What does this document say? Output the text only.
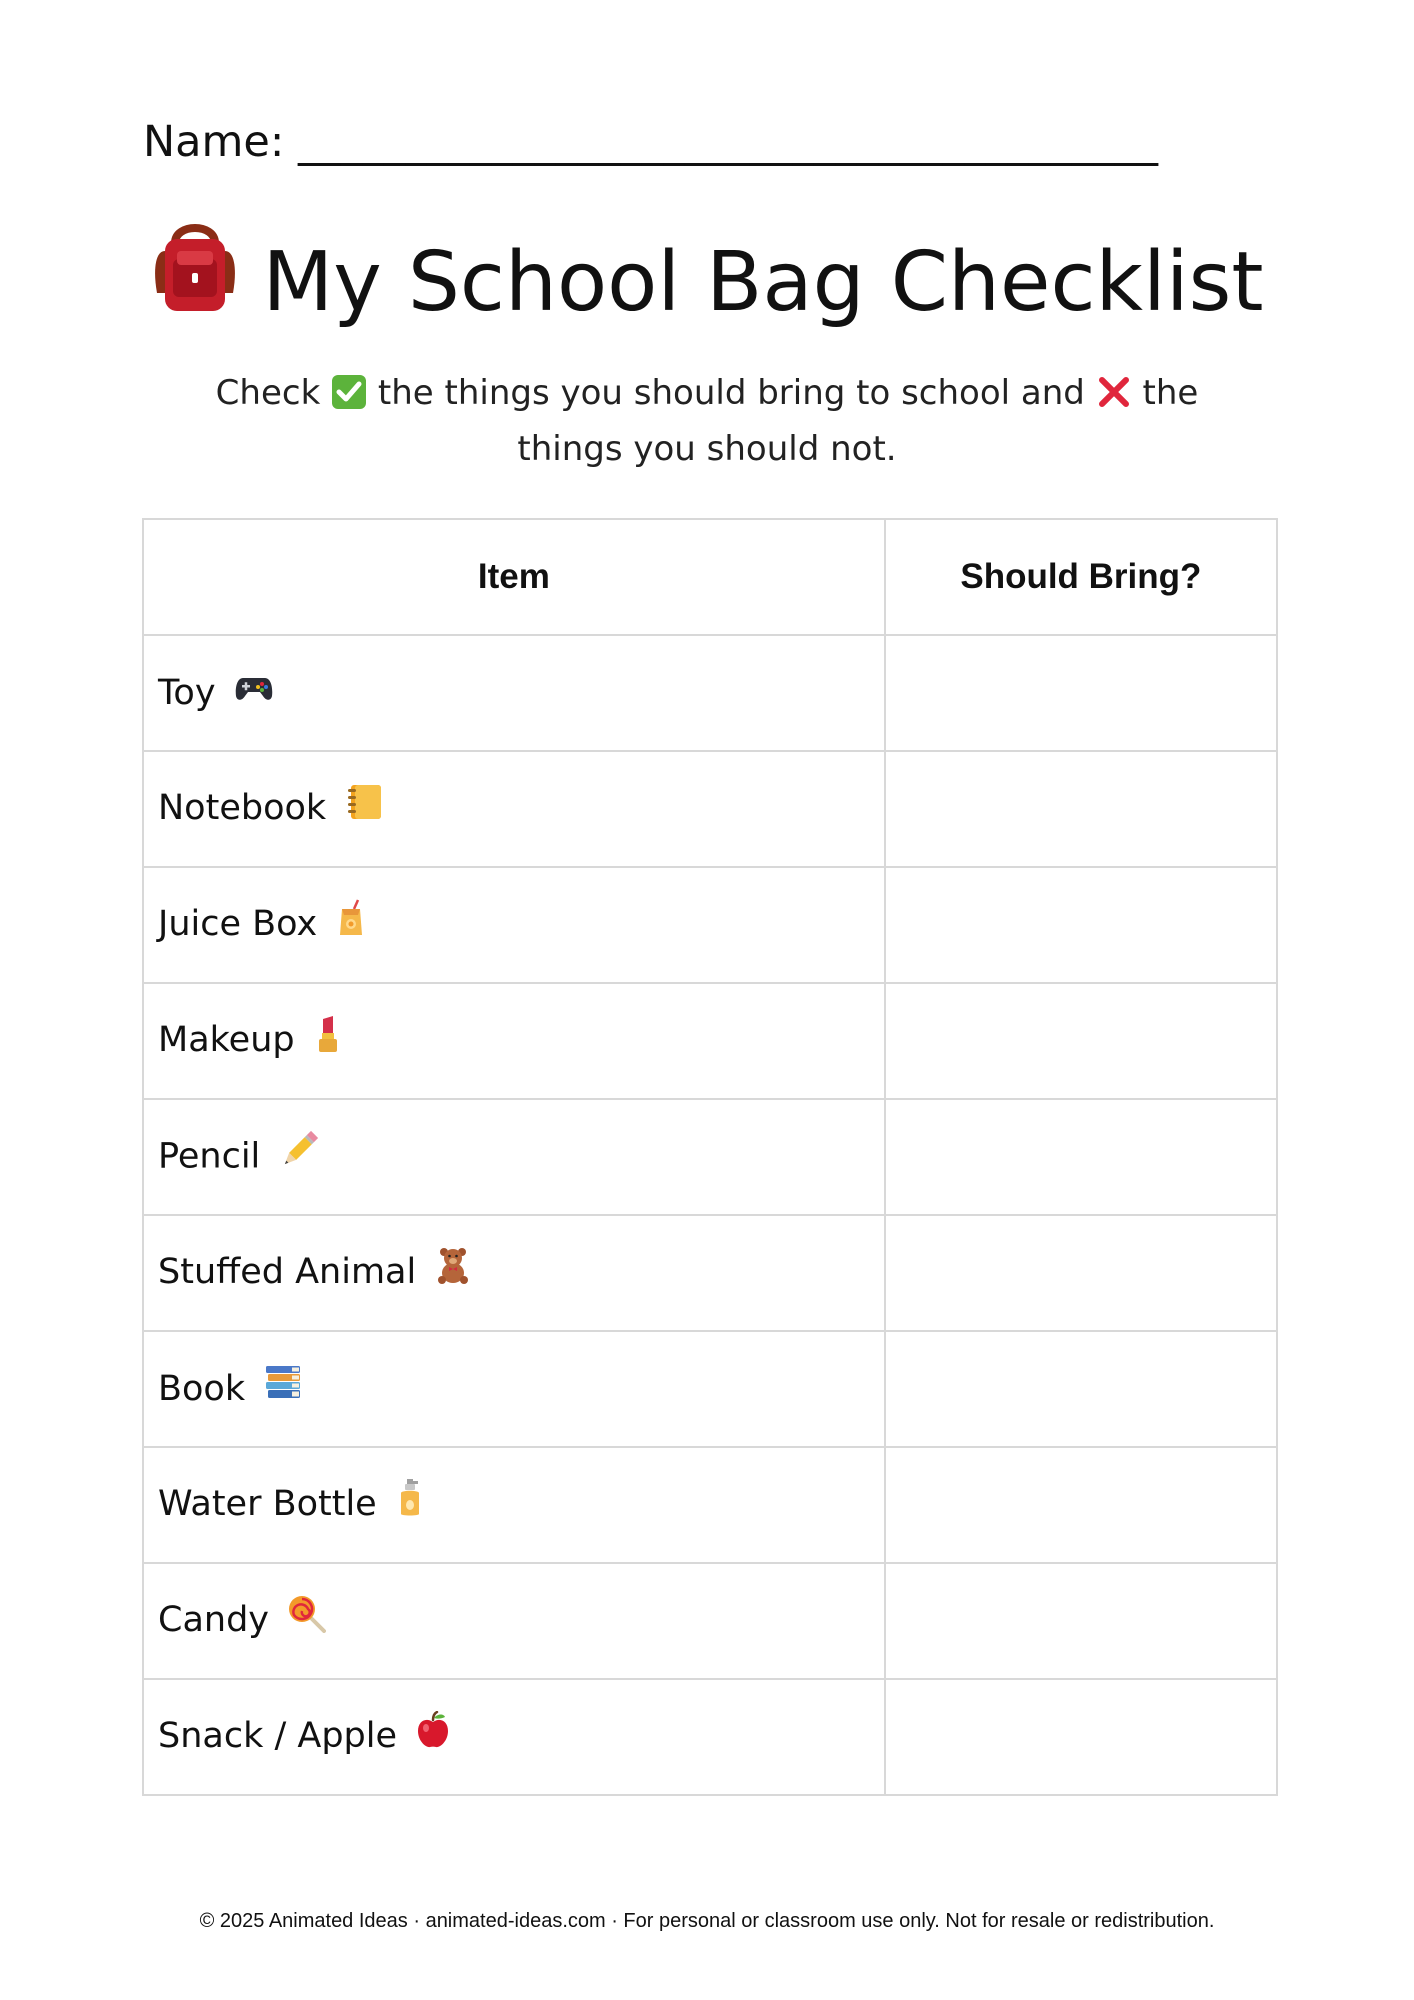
Name: ________________________________________
My School Bag Checklist
Check the things you should bring to school and the things you should not.
Item	Should Bring?
Toy	
Notebook	
Juice Box	
Makeup	
Pencil	
Stuffed Animal	
Book	
Water Bottle	
Candy	
Snack / Apple	
© 2025 Animated Ideas · animated-ideas.com · For personal or classroom use only. Not for resale or redistribution.
